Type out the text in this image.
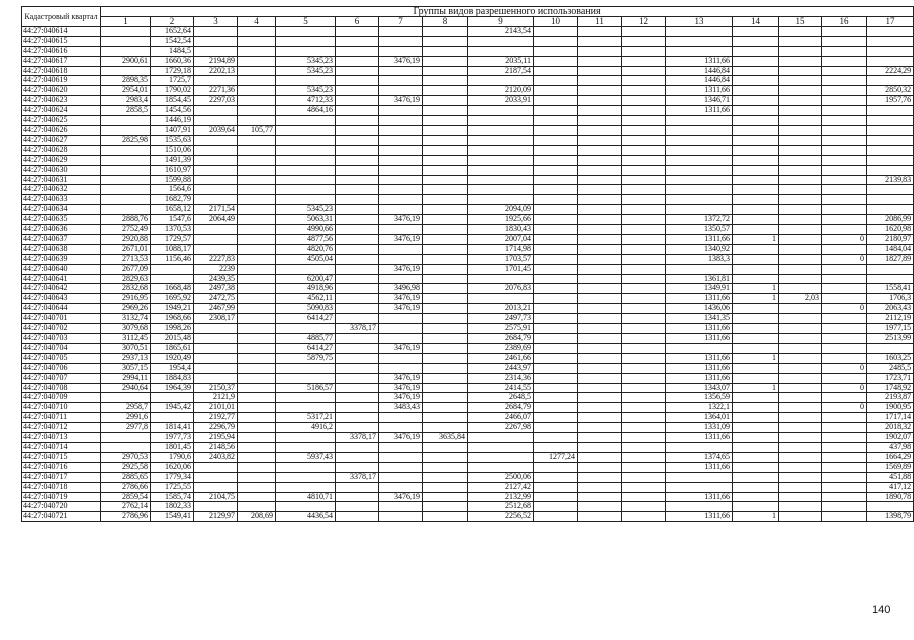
Кадастровый квартал	Группы видов разрешенного использования																
	1	2	3	4	5	6	7	8	9	10	11	12	13	14	15	16	17
44:27:040614		1652,64							2143,54								
44:27:040615		1542,54															
44:27:040616		1484,5															
44:27:040617	2900,61	1660,36	2194,89		5345,23		3476,19		2035,11				1311,66				
44:27:040618		1729,18	2202,13		5345,23				2187,54				1446,84				2224,29
44:27:040619	2898,35	1725,7											1446,84				
44:27:040620	2954,01	1790,02	2271,36		5345,23				2120,09				1311,66				2850,32
44:27:040623	2983,4	1854,45	2297,03		4712,33		3476,19		2033,91				1346,71				1957,76
44:27:040624	2858,5	1454,56			4864,16								1311,66				
44:27:040625		1446,19															
44:27:040626		1407,91	2039,64	105,77													
44:27:040627	2825,98	1535,63															
44:27:040628		1510,06															
44:27:040629		1491,39															
44:27:040630		1610,97															
44:27:040631		1599,88															2139,83
44:27:040632		1564,6															
44:27:040633		1682,79															
44:27:040634		1658,12	2171,54		5345,23				2094,09								
44:27:040635	2888,76	1547,6	2064,49		5063,31		3476,19		1925,66				1372,72				2086,99
44:27:040636	2752,49	1370,53			4990,66				1830,43				1350,57				1620,98
44:27:040637	2920,88	1729,57			4877,56		3476,19		2007,04				1311,66	1		0	2180,97
44:27:040638	2671,01	1088,17			4820,76				1714,98				1340,92				1484,04
44:27:040639	2713,53	1156,46	2227,83		4505,04				1703,57				1383,3			0	1827,89
44:27:040640	2677,09		2239				3476,19		1701,45								
44:27:040641	2829,63		2439,35		6200,47								1361,81				
44:27:040642	2832,68	1668,48	2497,38		4918,96		3496,98		2076,83				1349,91	1			1558,41
44:27:040643	2916,95	1695,92	2472,75		4562,11		3476,19						1311,66	1	2,03		1706,3
44:27:040644	2969,26	1949,21	2467,99		5090,83		3476,19		2013,21				1436,06			0	2063,43
44:27:040701	3132,74	1968,66	2308,17		6414,27				2497,73				1341,35				2112,19
44:27:040702	3079,68	1998,26				3378,17			2575,91				1311,66				1977,15
44:27:040703	3112,45	2015,48			4885,77				2684,79				1311,66				2513,99
44:27:040704	3070,51	1865,61			6414,27		3476,19		2389,69								
44:27:040705	2937,13	1920,49			5879,75				2461,66				1311,66	1			1603,25
44:27:040706	3057,15	1954,4							2443,97				1311,66			0	2485,5
44:27:040707	2994,11	1884,83					3476,19		2314,36				1311,66				1723,71
44:27:040708	2940,64	1964,39	2150,37		5186,57		3476,19		2414,55				1343,07	1		0	1748,92
44:27:040709			2121,9				3476,19		2648,5				1356,59				2193,87
44:27:040710	2958,7	1945,42	2101,01				3483,43		2684,79				1322,1			0	1900,95
44:27:040711	2991,6		2192,77		5317,21				2466,07				1364,01				1717,14
44:27:040712	2977,8	1814,41	2296,79		4916,2				2267,98				1331,09				2018,32
44:27:040713		1977,73	2195,94			3378,17	3476,19	3635,84					1311,66				1902,07
44:27:040714		1801,45	2148,56														437,98
44:27:040715	2970,53	1790,6	2403,82		5937,43					1277,24			1374,65				1664,29
44:27:040716	2925,58	1620,06											1311,66				1569,89
44:27:040717	2885,65	1779,34				3378,17			2500,06								451,88
44:27:040718	2786,66	1725,55							2127,42								417,12
44:27:040719	2859,54	1585,74	2104,75		4810,71		3476,19		2132,99				1311,66				1890,78
44:27:040720	2762,14	1802,33							2512,68								
44:27:040721	2786,96	1549,41	2129,97	208,69	4436,54				2256,52				1311,66	1			1398,79
140
